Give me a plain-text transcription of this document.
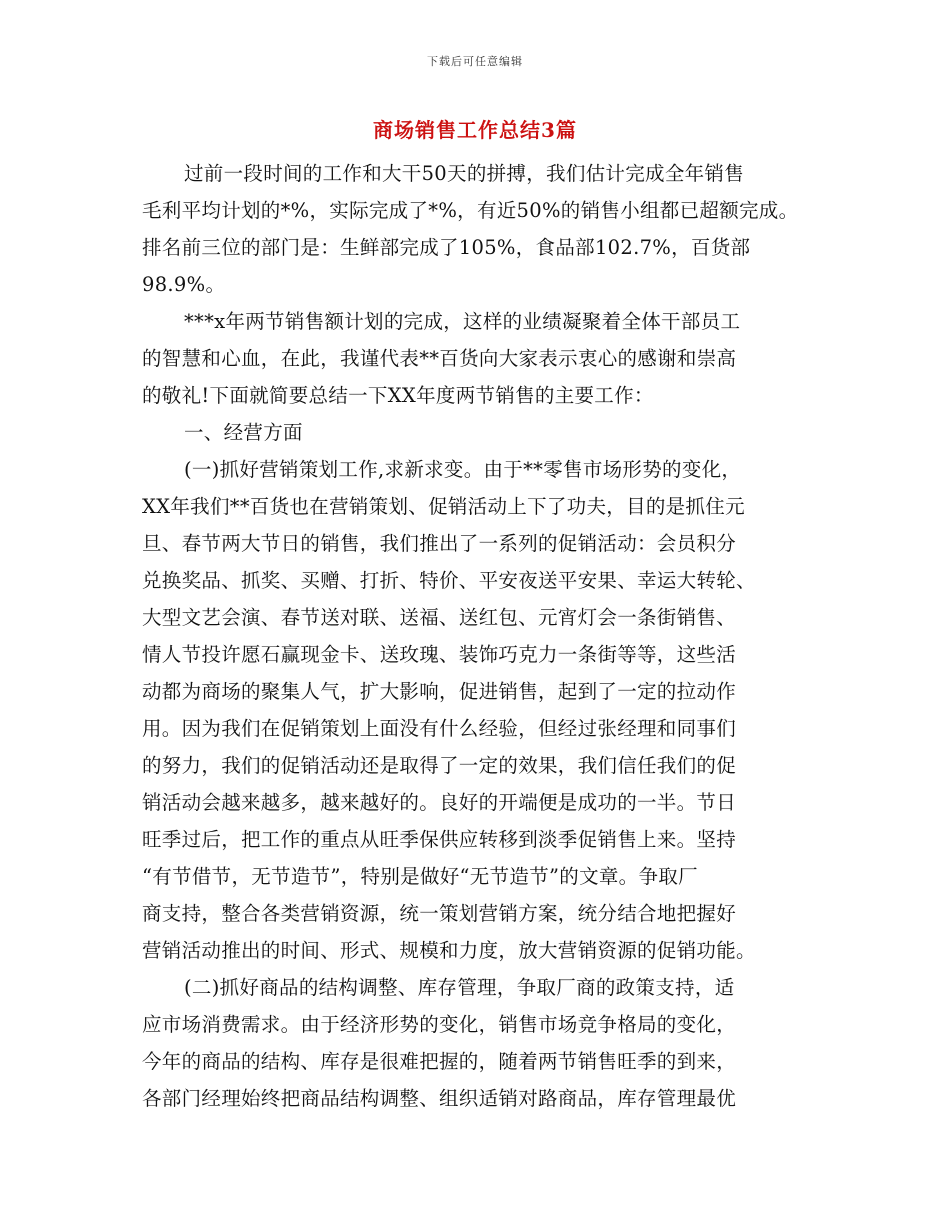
下载后可任意编辑
商场销售工作总结3篇
过前一段时间的工作和大干50天的拼搏，我们估计完成全年销售
毛利平均计划的*%，实际完成了*%，有近50%的销售小组都已超额完成。
排名前三位的部门是：生鲜部完成了105%，食品部102.7%，百货部
98.9%。
***x年两节销售额计划的完成，这样的业绩凝聚着全体干部员工
的智慧和心血，在此，我谨代表**百货向大家表示衷心的感谢和崇高
的敬礼!下面就简要总结一下XX年度两节销售的主要工作：
一、经营方面
(一)抓好营销策划工作,求新求变。由于**零售市场形势的变化，
XX年我们**百货也在营销策划、促销活动上下了功夫，目的是抓住元
旦、春节两大节日的销售，我们推出了一系列的促销活动：会员积分
兑换奖品、抓奖、买赠、打折、特价、平安夜送平安果、幸运大转轮、
大型文艺会演、春节送对联、送福、送红包、元宵灯会一条街销售、
情人节投许愿石赢现金卡、送玫瑰、装饰巧克力一条街等等，这些活
动都为商场的聚集人气，扩大影响，促进销售，起到了一定的拉动作
用。因为我们在促销策划上面没有什么经验，但经过张经理和同事们
的努力，我们的促销活动还是取得了一定的效果，我们信任我们的促
销活动会越来越多，越来越好的。良好的开端便是成功的一半。节日
旺季过后，把工作的重点从旺季保供应转移到淡季促销售上来。坚持
“有节借节，无节造节”，特别是做好“无节造节”的文章。争取厂
商支持，整合各类营销资源，统一策划营销方案，统分结合地把握好
营销活动推出的时间、形式、规模和力度，放大营销资源的促销功能。
(二)抓好商品的结构调整、库存管理，争取厂商的政策支持，适
应市场消费需求。由于经济形势的变化，销售市场竞争格局的变化，
今年的商品的结构、库存是很难把握的，随着两节销售旺季的到来，
各部门经理始终把商品结构调整、组织适销对路商品，库存管理最优
